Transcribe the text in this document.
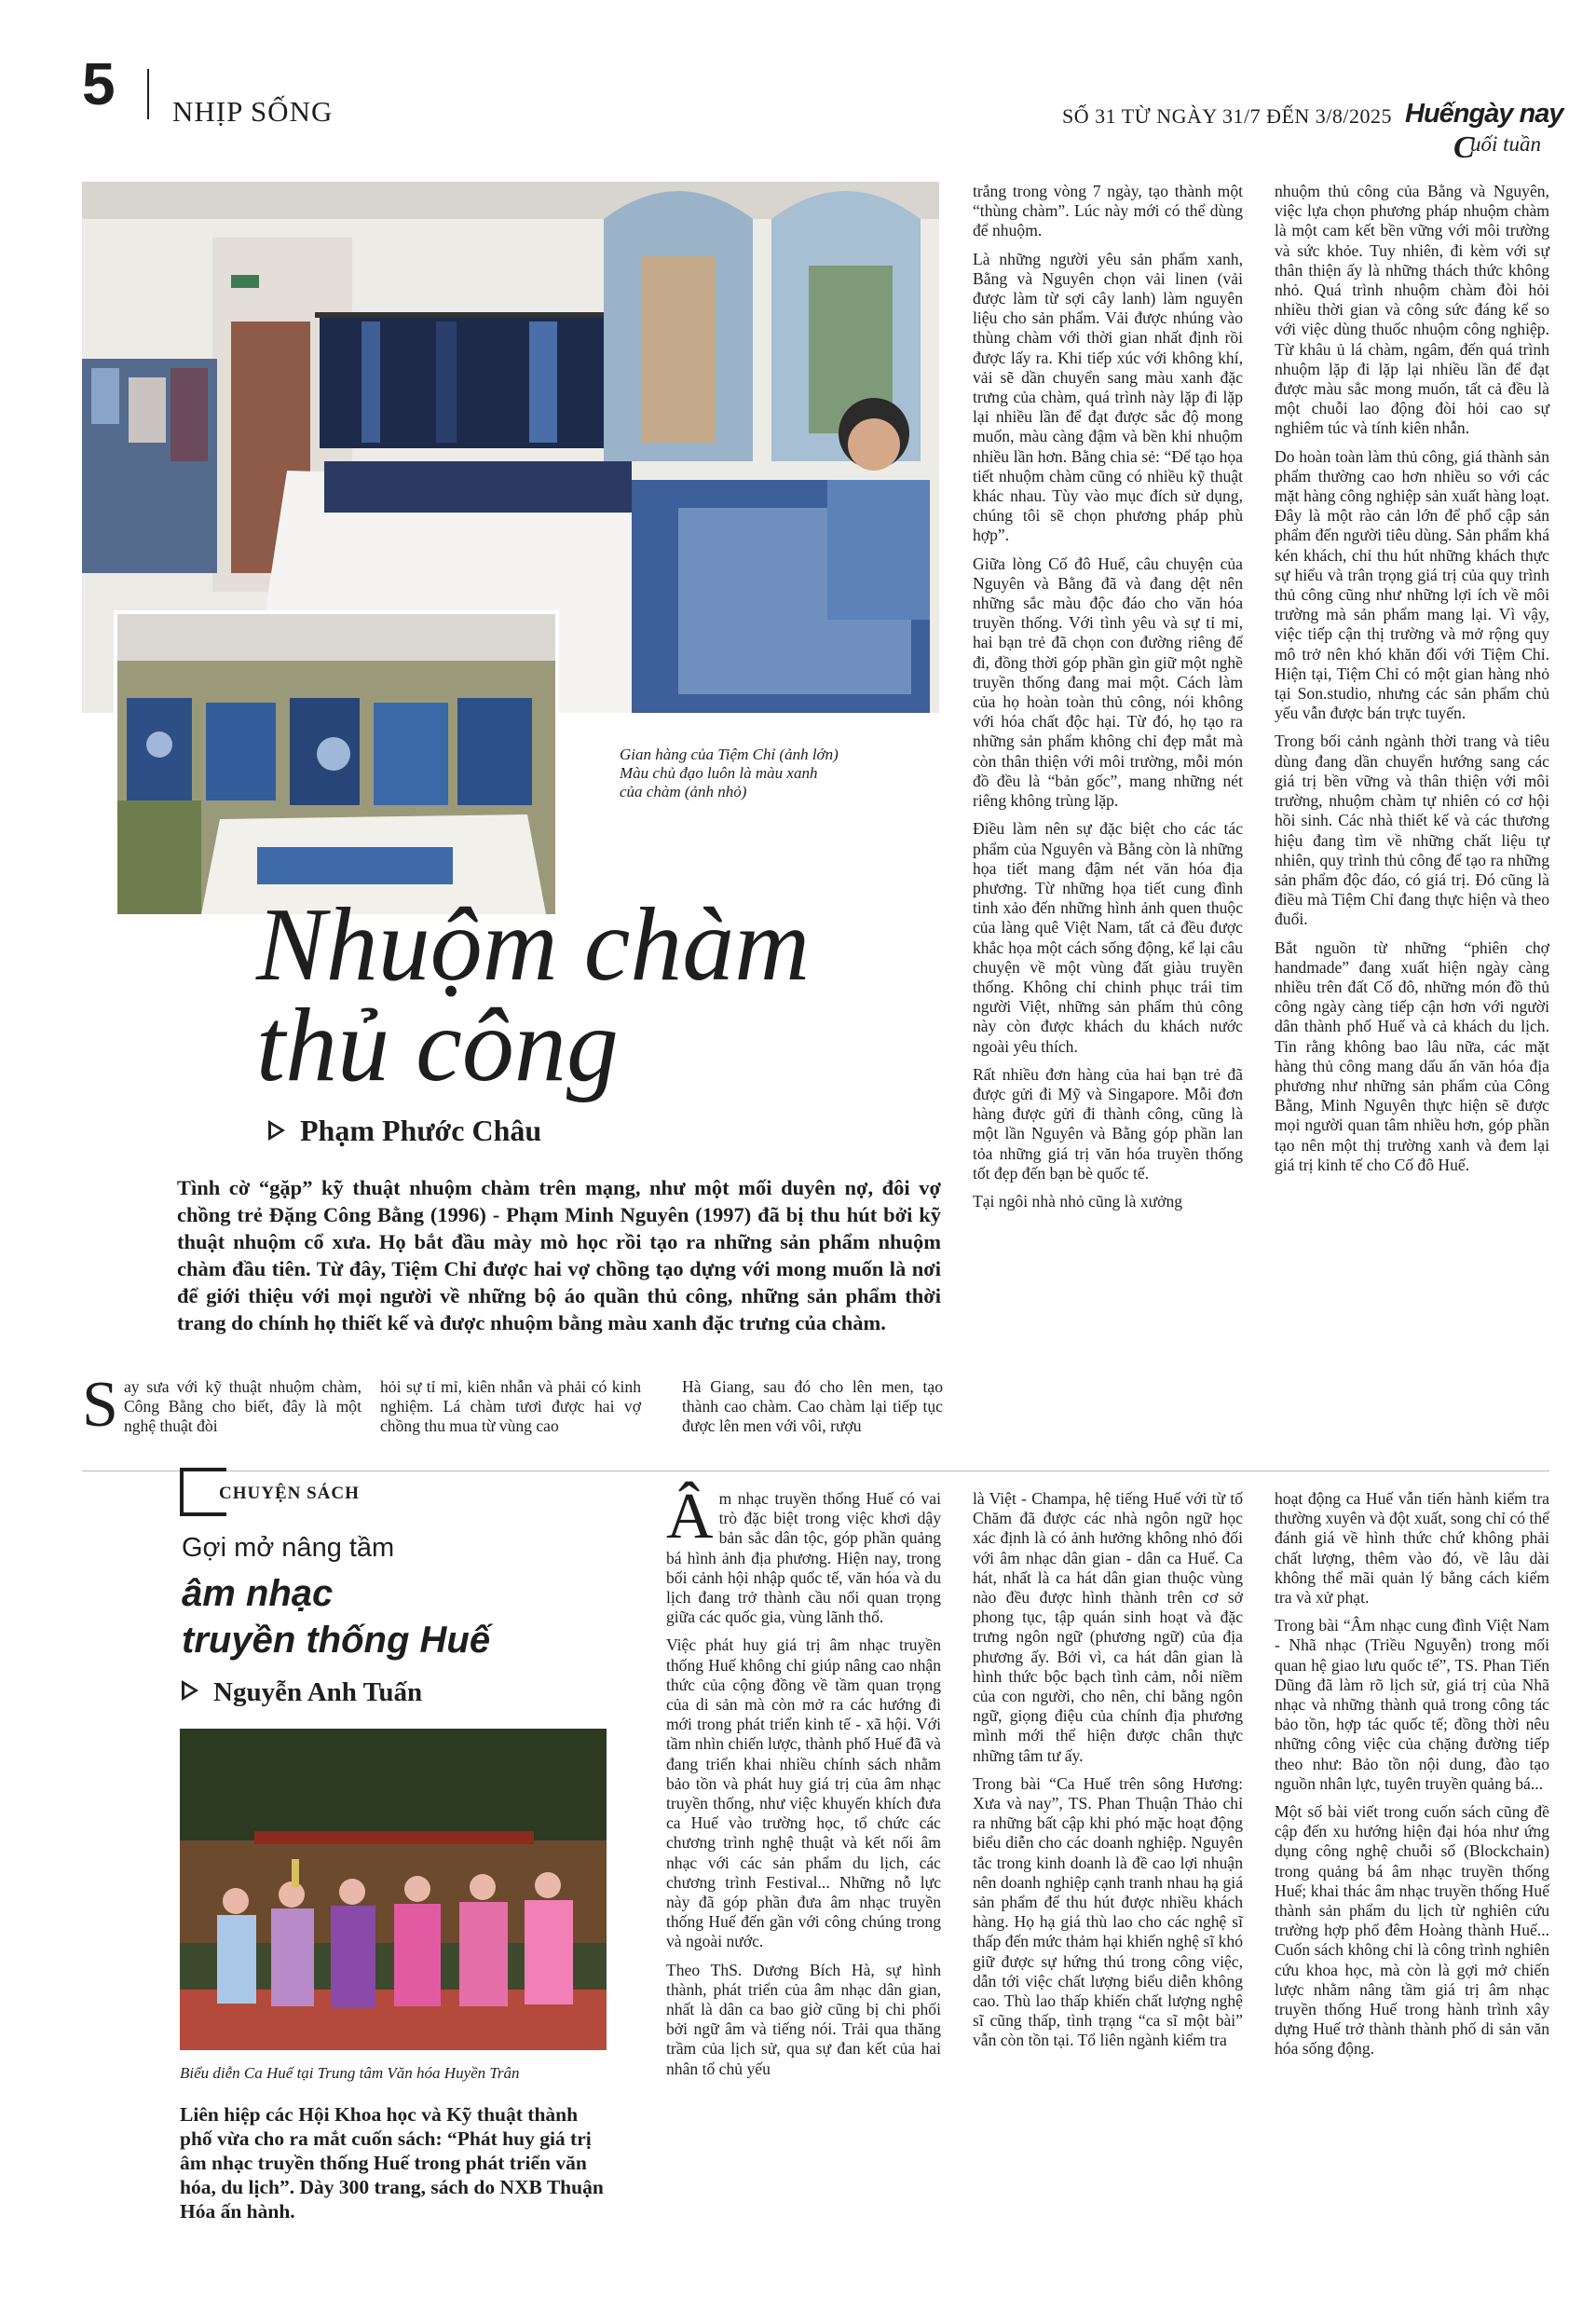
5 NHỊP SỐNG	SỐ 31 TỪ NGÀY 31/7 ĐẾN 3/8/2025 Huếngày nay
C
uối tuần
Gian hàng của Tiệm Chỉ (ảnh lớn)
Màu chủ đạo luôn là màu xanh
của chàm (ảnh nhỏ)
Nhuộm chàm
thủ công
Phạm Phước Châu
Tình cờ “gặp” kỹ thuật nhuộm chàm trên mạng, như một mối duyên nợ, đôi vợ chồng trẻ Đặng Công Bằng (1996) - Phạm Minh Nguyên (1997) đã bị thu hút bởi kỹ thuật nhuộm cổ xưa. Họ bắt đầu mày mò học rồi tạo ra những sản phẩm nhuộm chàm đầu tiên. Từ đây, Tiệm Chỉ được hai vợ chồng tạo dựng với mong muốn là nơi để giới thiệu với mọi người về những bộ áo quần thủ công, những sản phẩm thời trang do chính họ thiết kế và được nhuộm bằng màu xanh đặc trưng của chàm.
Say sưa với kỹ thuật nhuộm chàm, Công Bằng cho biết, đây là một nghệ thuật đòi
hỏi sự tỉ mỉ, kiên nhẫn và phải có kinh nghiệm. Lá chàm tươi được hai vợ chồng thu mua từ vùng cao
Hà Giang, sau đó cho lên men, tạo thành cao chàm. Cao chàm lại tiếp tục được lên men với vôi, rượu

trắng trong vòng 7 ngày, tạo thành một “thùng chàm”. Lúc này mới có thể dùng để nhuộm.

Là những người yêu sản phẩm xanh, Bằng và Nguyên chọn vải linen (vải được làm từ sợi cây lanh) làm nguyên liệu cho sản phẩm. Vải được nhúng vào thùng chàm với thời gian nhất định rồi được lấy ra. Khi tiếp xúc với không khí, vải sẽ dần chuyển sang màu xanh đặc trưng của chàm, quá trình này lặp đi lặp lại nhiều lần để đạt được sắc độ mong muốn, màu càng đậm và bền khi nhuộm nhiều lần hơn. Bằng chia sẻ: “Để tạo họa tiết nhuộm chàm cũng có nhiều kỹ thuật khác nhau. Tùy vào mục đích sử dụng, chúng tôi sẽ chọn phương pháp phù hợp”.

Giữa lòng Cố đô Huế, câu chuyện của Nguyên và Bằng đã và đang dệt nên những sắc màu độc đáo cho văn hóa truyền thống. Với tình yêu và sự tỉ mỉ, hai bạn trẻ đã chọn con đường riêng để đi, đồng thời góp phần gìn giữ một nghề truyền thống đang mai một. Cách làm của họ hoàn toàn thủ công, nói không với hóa chất độc hại. Từ đó, họ tạo ra những sản phẩm không chỉ đẹp mắt mà còn thân thiện với môi trường, mỗi món đồ đều là “bản gốc”, mang những nét riêng không trùng lặp.

Điều làm nên sự đặc biệt cho các tác phẩm của Nguyên và Bằng còn là những họa tiết mang đậm nét văn hóa địa phương. Từ những họa tiết cung đình tinh xảo đến những hình ảnh quen thuộc của làng quê Việt Nam, tất cả đều được khắc họa một cách sống động, kể lại câu chuyện về một vùng đất giàu truyền thống. Không chỉ chinh phục trái tim người Việt, những sản phẩm thủ công này còn được khách du khách nước ngoài yêu thích.

Rất nhiều đơn hàng của hai bạn trẻ đã được gửi đi Mỹ và Singapore. Mỗi đơn hàng được gửi đi thành công, cũng là một lần Nguyên và Bằng góp phần lan tỏa những giá trị văn hóa truyền thống tốt đẹp đến bạn bè quốc tế.

Tại ngôi nhà nhỏ cũng là xưởng

nhuộm thủ công của Bằng và Nguyên, việc lựa chọn phương pháp nhuộm chàm là một cam kết bền vững với môi trường và sức khỏe. Tuy nhiên, đi kèm với sự thân thiện ấy là những thách thức không nhỏ. Quá trình nhuộm chàm đòi hỏi nhiều thời gian và công sức đáng kể so với việc dùng thuốc nhuộm công nghiệp. Từ khâu ủ lá chàm, ngâm, đến quá trình nhuộm lặp đi lặp lại nhiều lần để đạt được màu sắc mong muốn, tất cả đều là một chuỗi lao động đòi hỏi cao sự nghiêm túc và tính kiên nhẫn.

Do hoàn toàn làm thủ công, giá thành sản phẩm thường cao hơn nhiều so với các mặt hàng công nghiệp sản xuất hàng loạt. Đây là một rào cản lớn để phổ cập sản phẩm đến người tiêu dùng. Sản phẩm khá kén khách, chỉ thu hút những khách thực sự hiểu và trân trọng giá trị của quy trình thủ công cũng như những lợi ích về môi trường mà sản phẩm mang lại. Vì vậy, việc tiếp cận thị trường và mở rộng quy mô trở nên khó khăn đối với Tiệm Chỉ. Hiện tại, Tiệm Chỉ có một gian hàng nhỏ tại Son.studio, nhưng các sản phẩm chủ yếu vẫn được bán trực tuyến.

Trong bối cảnh ngành thời trang và tiêu dùng đang dần chuyển hướng sang các giá trị bền vững và thân thiện với môi trường, nhuộm chàm tự nhiên có cơ hội hồi sinh. Các nhà thiết kế và các thương hiệu đang tìm về những chất liệu tự nhiên, quy trình thủ công để tạo ra những sản phẩm độc đáo, có giá trị. Đó cũng là điều mà Tiệm Chỉ đang thực hiện và theo đuổi.

Bắt nguồn từ những “phiên chợ handmade” đang xuất hiện ngày càng nhiều trên đất Cố đô, những món đồ thủ công ngày càng tiếp cận hơn với người dân thành phố Huế và cả khách du lịch. Tin rằng không bao lâu nữa, các mặt hàng thủ công mang dấu ấn văn hóa địa phương như những sản phẩm của Công Bằng, Minh Nguyên thực hiện sẽ được mọi người quan tâm nhiều hơn, góp phần tạo nên một thị trường xanh và đem lại giá trị kinh tế cho Cố đô Huế.

CHUYỆN SÁCH
Gợi mở nâng tầm
âm nhạc
truyền thống Huế
Nguyễn Anh Tuấn
Biểu diễn Ca Huế tại Trung tâm Văn hóa Huyền Trân
Liên hiệp các Hội Khoa học và Kỹ thuật thành phố vừa cho ra mắt cuốn sách: “Phát huy giá trị âm nhạc truyền thống Huế trong phát triển văn hóa, du lịch”. Dày 300 trang, sách do NXB Thuận Hóa ấn hành.

Âm nhạc truyền thống Huế có vai trò đặc biệt trong việc khơi dậy bản sắc dân tộc, góp phần quảng bá hình ảnh địa phương. Hiện nay, trong bối cảnh hội nhập quốc tế, văn hóa và du lịch đang trở thành cầu nối quan trọng giữa các quốc gia, vùng lãnh thổ.

Việc phát huy giá trị âm nhạc truyền thống Huế không chỉ giúp nâng cao nhận thức của cộng đồng về tầm quan trọng của di sản mà còn mở ra các hướng đi mới trong phát triển kinh tế - xã hội. Với tầm nhìn chiến lược, thành phố Huế đã và đang triển khai nhiều chính sách nhằm bảo tồn và phát huy giá trị của âm nhạc truyền thống, như việc khuyến khích đưa ca Huế vào trường học, tổ chức các chương trình nghệ thuật và kết nối âm nhạc với các sản phẩm du lịch, các chương trình Festival... Những nỗ lực này đã góp phần đưa âm nhạc truyền thống Huế đến gần với công chúng trong và ngoài nước.

Theo ThS. Dương Bích Hà, sự hình thành, phát triển của âm nhạc dân gian, nhất là dân ca bao giờ cũng bị chi phối bởi ngữ âm và tiếng nói. Trải qua thăng trầm của lịch sử, qua sự đan kết của hai nhân tố chủ yếu

là Việt - Champa, hệ tiếng Huế với từ tố Chăm đã được các nhà ngôn ngữ học xác định là có ảnh hưởng không nhỏ đối với âm nhạc dân gian - dân ca Huế. Ca hát, nhất là ca hát dân gian thuộc vùng nào đều được hình thành trên cơ sở phong tục, tập quán sinh hoạt và đặc trưng ngôn ngữ (phương ngữ) của địa phương ấy. Bởi vì, ca hát dân gian là hình thức bộc bạch tình cảm, nỗi niềm của con người, cho nên, chỉ bằng ngôn ngữ, giọng điệu của chính địa phương mình mới thể hiện được chân thực những tâm tư ấy.

Trong bài “Ca Huế trên sông Hương: Xưa và nay”, TS. Phan Thuận Thảo chỉ ra những bất cập khi phó mặc hoạt động biểu diễn cho các doanh nghiệp. Nguyên tắc trong kinh doanh là đề cao lợi nhuận nên doanh nghiệp cạnh tranh nhau hạ giá sản phẩm để thu hút được nhiều khách hàng. Họ hạ giá thù lao cho các nghệ sĩ thấp đến mức thảm hại khiến nghệ sĩ khó giữ được sự hứng thú trong công việc, dẫn tới việc chất lượng biểu diễn không cao. Thù lao thấp khiến chất lượng nghệ sĩ cũng thấp, tình trạng “ca sĩ một bài” vẫn còn tồn tại. Tổ liên ngành kiểm tra

hoạt động ca Huế vẫn tiến hành kiểm tra thường xuyên và đột xuất, song chỉ có thể đánh giá về hình thức chứ không phải chất lượng, thêm vào đó, về lâu dài không thể mãi quản lý bằng cách kiểm tra và xử phạt.

Trong bài “Âm nhạc cung đình Việt Nam - Nhã nhạc (Triều Nguyễn) trong mối quan hệ giao lưu quốc tế”, TS. Phan Tiến Dũng đã làm rõ lịch sử, giá trị của Nhã nhạc và những thành quả trong công tác bảo tồn, hợp tác quốc tế; đồng thời nêu những công việc của chặng đường tiếp theo như: Bảo tồn nội dung, đào tạo nguồn nhân lực, tuyên truyền quảng bá...

Một số bài viết trong cuốn sách cũng đề cập đến xu hướng hiện đại hóa như ứng dụng công nghệ chuỗi số (Blockchain) trong quảng bá âm nhạc truyền thống Huế; khai thác âm nhạc truyền thống Huế thành sản phẩm du lịch từ nghiên cứu trường hợp phố đêm Hoàng thành Huế... Cuốn sách không chỉ là công trình nghiên cứu khoa học, mà còn là gợi mở chiến lược nhằm nâng tầm giá trị âm nhạc truyền thống Huế trong hành trình xây dựng Huế trở thành thành phố di sản văn hóa sống động.
